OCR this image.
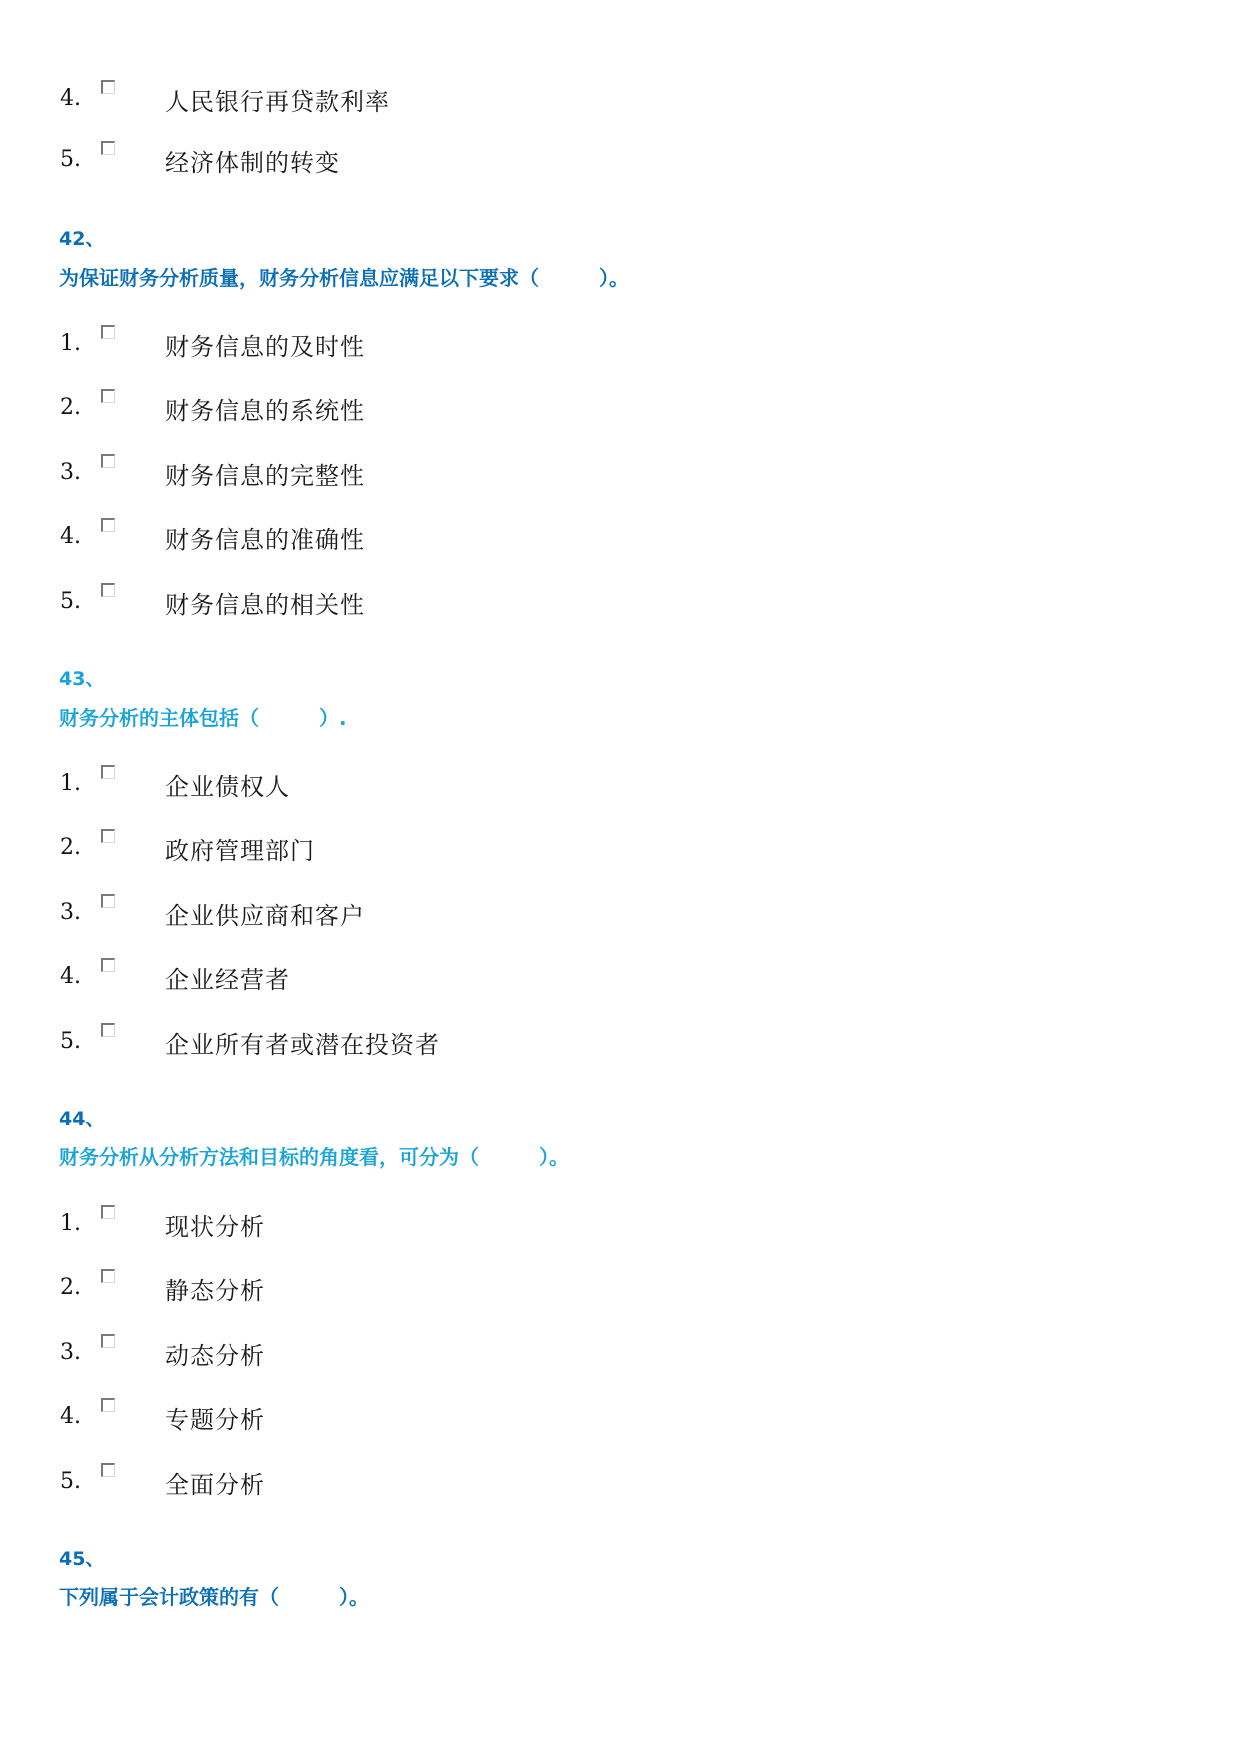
4.	人民银行再贷款利率
5.	经济体制的转变
42、
为保证财务分析质量，财务分析信息应满足以下要求（　　　）。
1.	财务信息的及时性
2.	财务信息的系统性
3.	财务信息的完整性
4.	财务信息的准确性
5.	财务信息的相关性
43、
财务分析的主体包括（　　　）.
1.	企业债权人
2.	政府管理部门
3.	企业供应商和客户
4.	企业经营者
5.	企业所有者或潜在投资者
44、
财务分析从分析方法和目标的角度看，可分为（　　　）。
1.	现状分析
2.	静态分析
3.	动态分析
4.	专题分析
5.	全面分析
45、
下列属于会计政策的有（　　　）。
